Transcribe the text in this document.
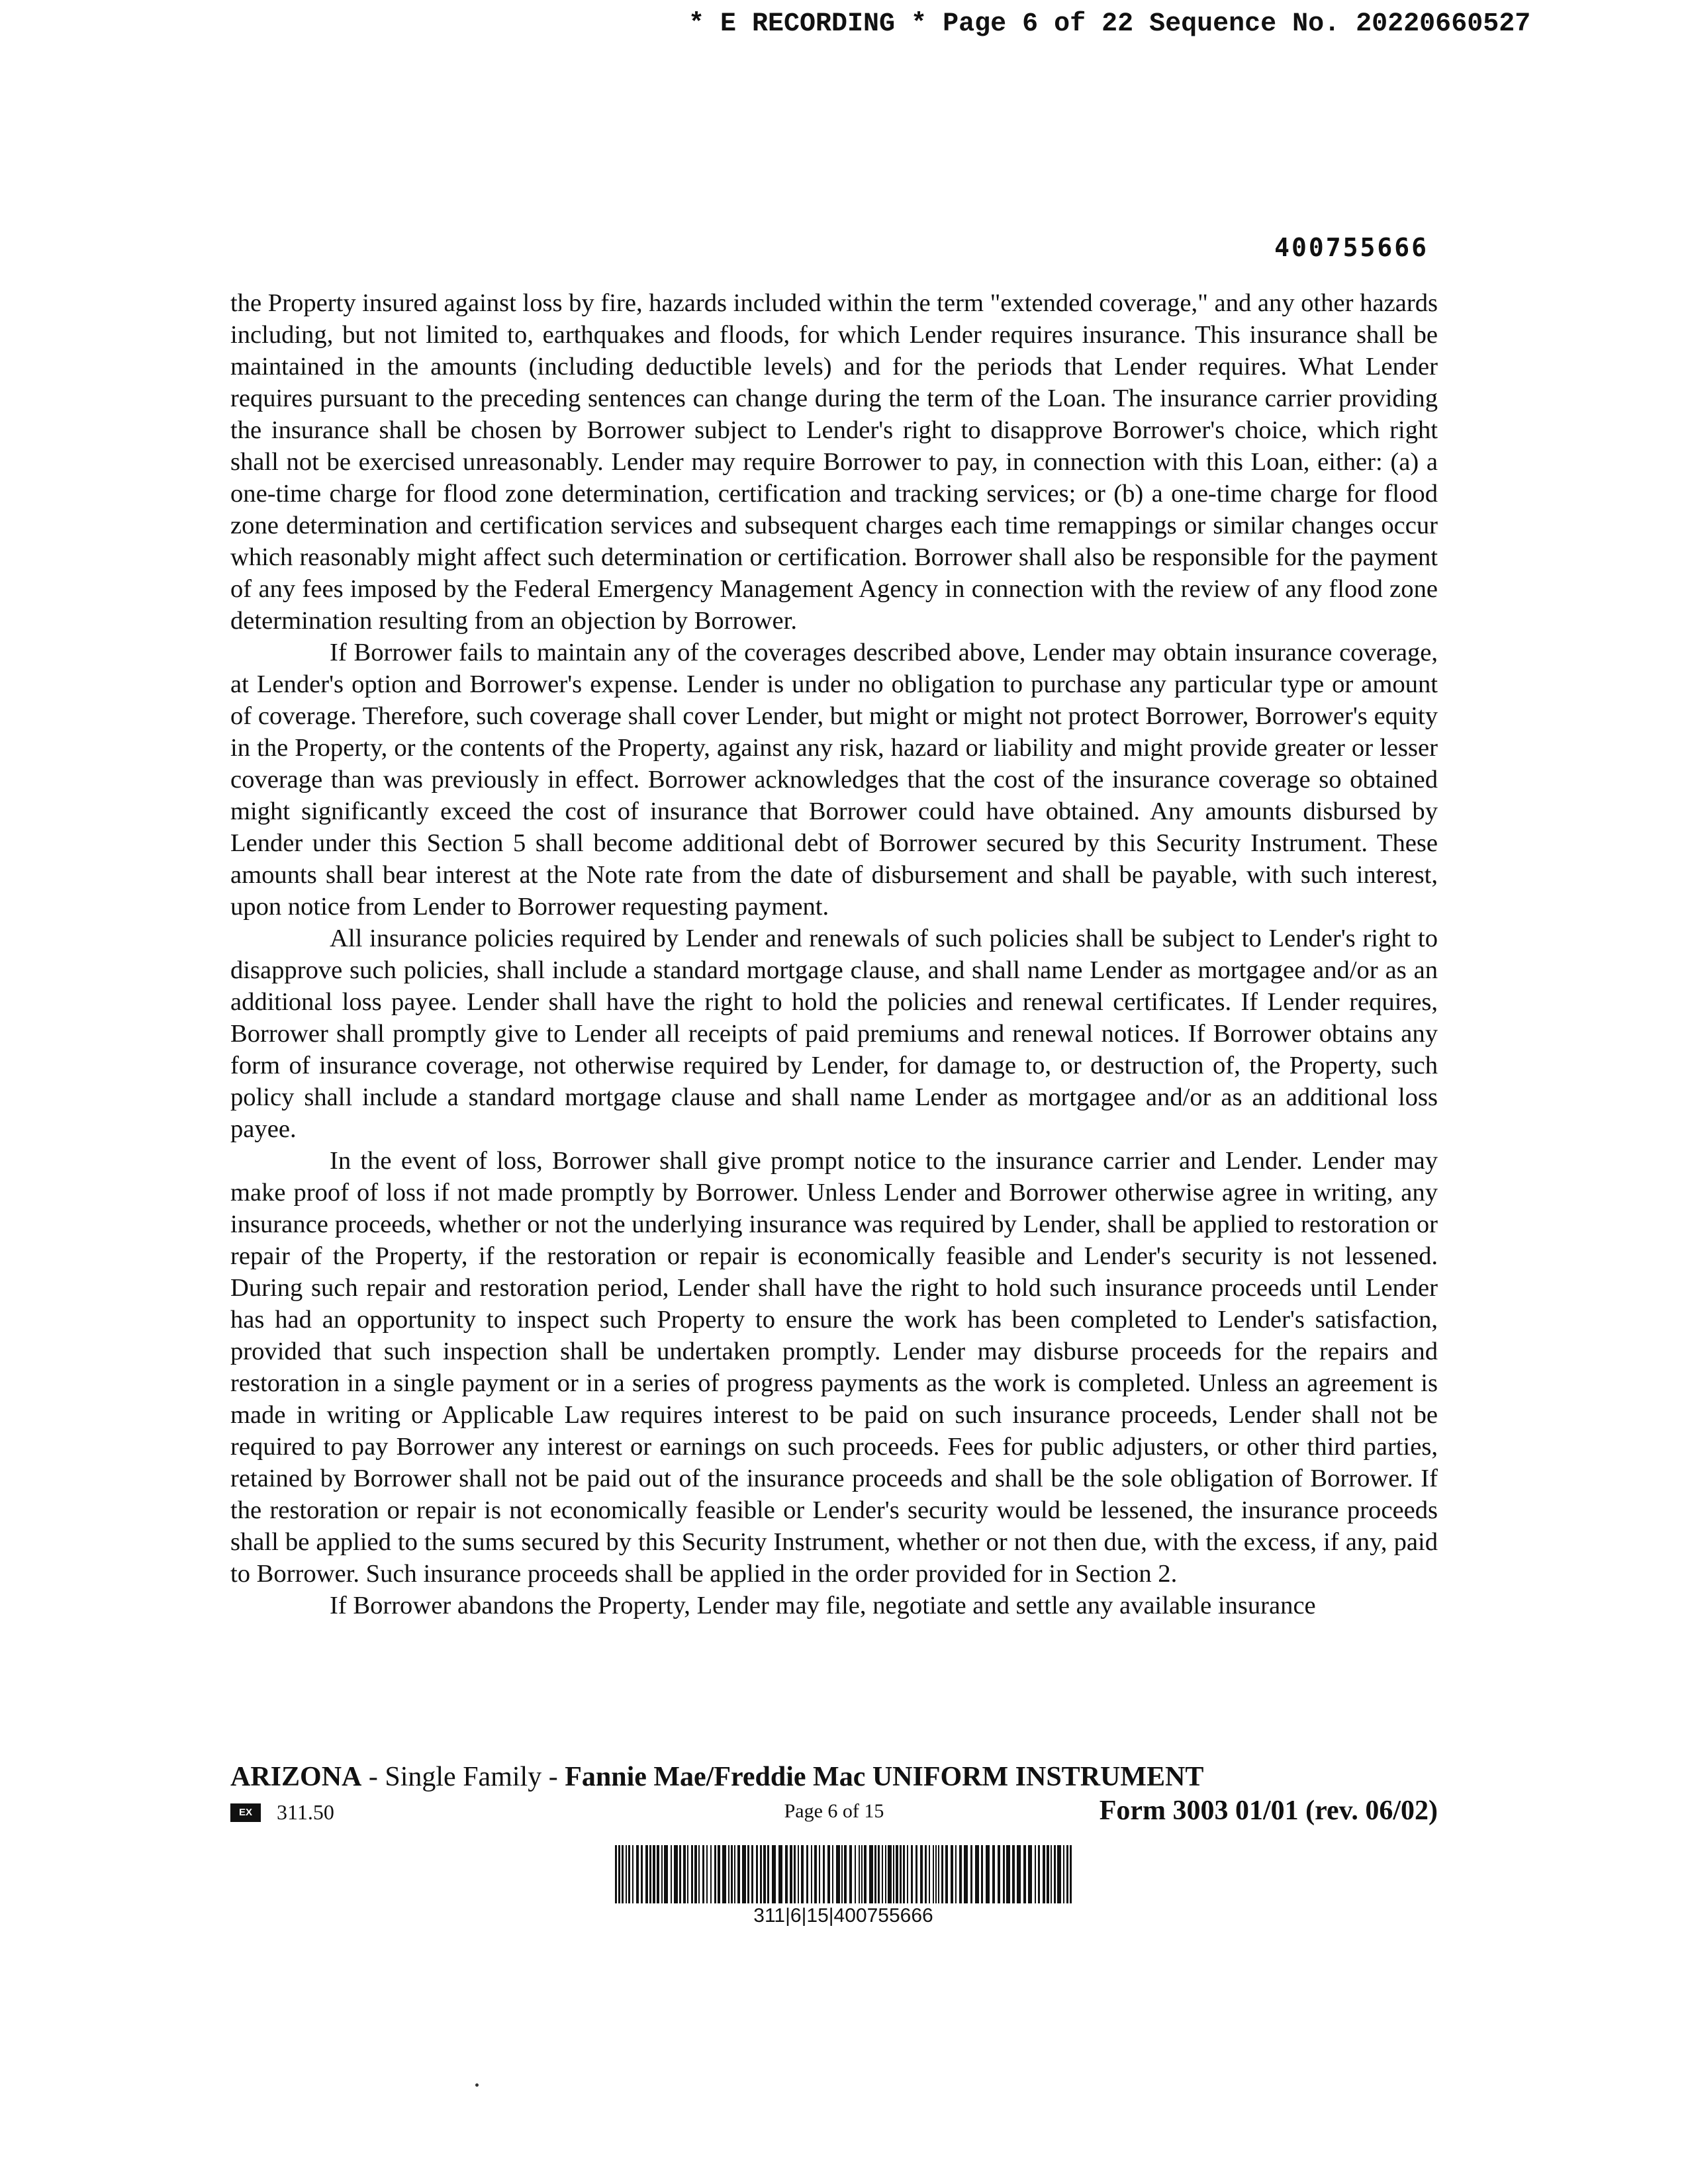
* E RECORDING * Page 6 of 22 Sequence No. 20220660527
400755666

the Property insured against loss by fire, hazards included within the term "extended coverage," and any other hazards including, but not limited to, earthquakes and floods, for which Lender requires insurance. This insurance shall be maintained in the amounts (including deductible levels) and for the periods that Lender requires. What Lender requires pursuant to the preceding sentences can change during the term of the Loan. The insurance carrier providing the insurance shall be chosen by Borrower subject to Lender's right to disapprove Borrower's choice, which right shall not be exercised unreasonably. Lender may require Borrower to pay, in connection with this Loan, either: (a) a one-time charge for flood zone determination, certification and tracking services; or (b) a one-time charge for flood zone determination and certification services and subsequent charges each time remappings or similar changes occur which reasonably might affect such determination or certification. Borrower shall also be responsible for the payment of any fees imposed by the Federal Emergency Management Agency in connection with the review of any flood zone determination resulting from an objection by Borrower.

If Borrower fails to maintain any of the coverages described above, Lender may obtain insurance coverage, at Lender's option and Borrower's expense. Lender is under no obligation to purchase any particular type or amount of coverage. Therefore, such coverage shall cover Lender, but might or might not protect Borrower, Borrower's equity in the Property, or the contents of the Property, against any risk, hazard or liability and might provide greater or lesser coverage than was previously in effect. Borrower acknowledges that the cost of the insurance coverage so obtained might significantly exceed the cost of insurance that Borrower could have obtained. Any amounts disbursed by Lender under this Section 5 shall become additional debt of Borrower secured by this Security Instrument. These amounts shall bear interest at the Note rate from the date of disbursement and shall be payable, with such interest, upon notice from Lender to Borrower requesting payment.

All insurance policies required by Lender and renewals of such policies shall be subject to Lender's right to disapprove such policies, shall include a standard mortgage clause, and shall name Lender as mortgagee and/or as an additional loss payee. Lender shall have the right to hold the policies and renewal certificates. If Lender requires, Borrower shall promptly give to Lender all receipts of paid premiums and renewal notices. If Borrower obtains any form of insurance coverage, not otherwise required by Lender, for damage to, or destruction of, the Property, such policy shall include a standard mortgage clause and shall name Lender as mortgagee and/or as an additional loss payee.

In the event of loss, Borrower shall give prompt notice to the insurance carrier and Lender. Lender may make proof of loss if not made promptly by Borrower. Unless Lender and Borrower otherwise agree in writing, any insurance proceeds, whether or not the underlying insurance was required by Lender, shall be applied to restoration or repair of the Property, if the restoration or repair is economically feasible and Lender's security is not lessened. During such repair and restoration period, Lender shall have the right to hold such insurance proceeds until Lender has had an opportunity to inspect such Property to ensure the work has been completed to Lender's satisfaction, provided that such inspection shall be undertaken promptly. Lender may disburse proceeds for the repairs and restoration in a single payment or in a series of progress payments as the work is completed. Unless an agreement is made in writing or Applicable Law requires interest to be paid on such insurance proceeds, Lender shall not be required to pay Borrower any interest or earnings on such proceeds. Fees for public adjusters, or other third parties, retained by Borrower shall not be paid out of the insurance proceeds and shall be the sole obligation of Borrower. If the restoration or repair is not economically feasible or Lender's security would be lessened, the insurance proceeds shall be applied to the sums secured by this Security Instrument, whether or not then due, with the excess, if any, paid to Borrower. Such insurance proceeds shall be applied in the order provided for in Section 2.

If Borrower abandons the Property, Lender may file, negotiate and settle any available insurance

ARIZONA - Single Family - Fannie Mae/Freddie Mac UNIFORM INSTRUMENT
EX	311.50	Page 6 of 15	Form 3003 01/01 (rev. 06/02)
311|6|15|400755666
